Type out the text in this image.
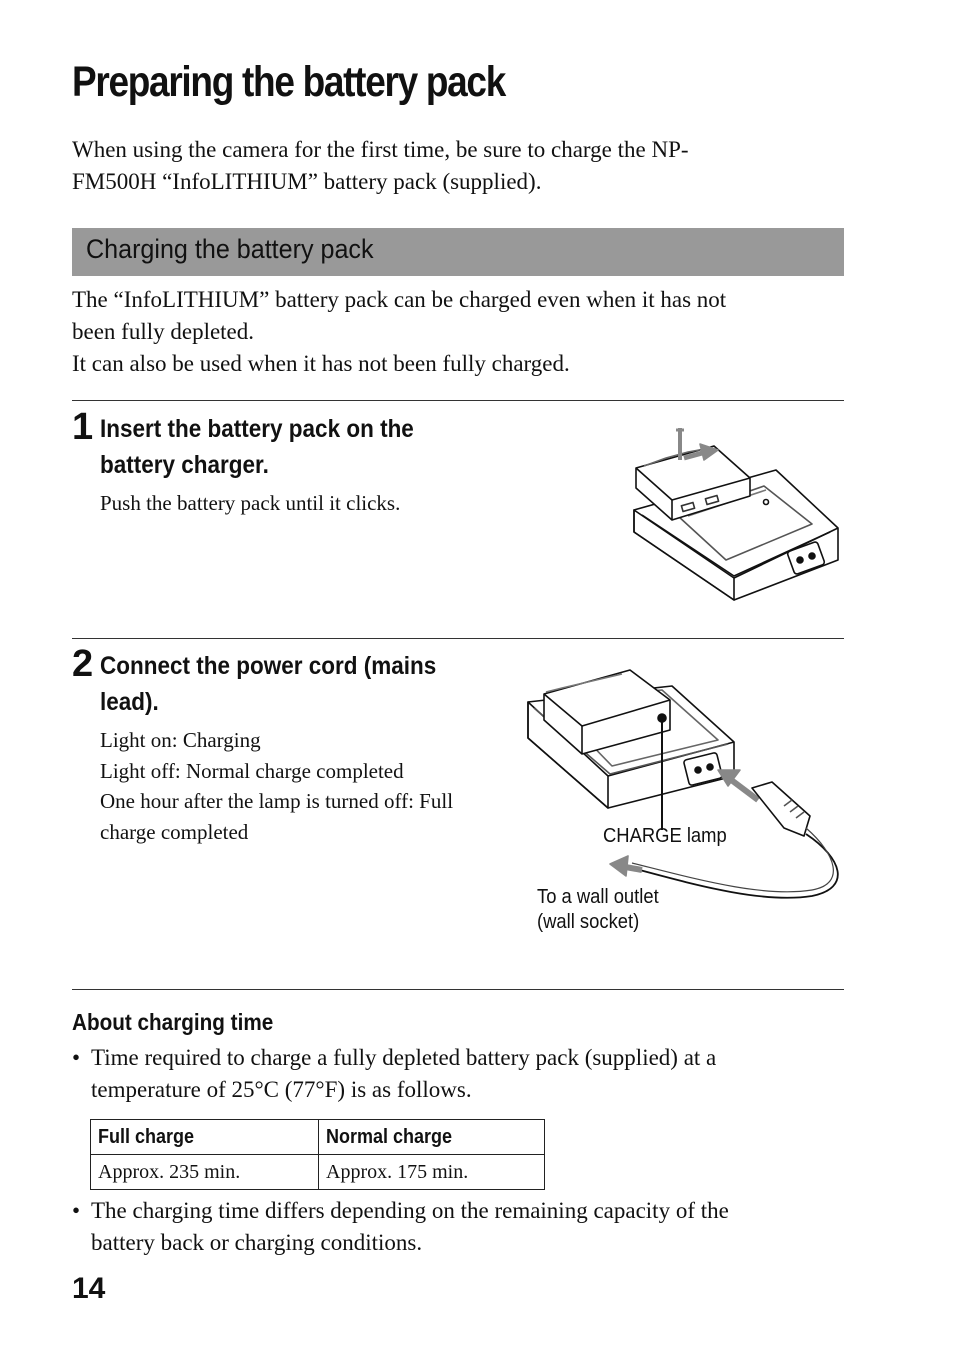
Preparing the battery pack
When using the camera for the first time, be sure to charge the NP-
FM500H “InfoLITHIUM” battery pack (supplied).
Charging the battery pack
The “InfoLITHIUM” battery pack can be charged even when it has not
been fully depleted.
It can also be used when it has not been fully charged.
1 Insert the battery pack on the
battery charger.
Push the battery pack until it clicks.
2 Connect the power cord (mains
lead).
Light on: Charging
Light off: Normal charge completed
One hour after the lamp is turned off: Full
charge completed	CHARGE lamp
To a wall outlet
(wall socket)
About charging time
• Time required to charge a fully depleted battery pack (supplied) at a
temperature of 25°C (77°F) is as follows.
Full charge	Normal charge
Approx. 235 min.	Approx. 175 min.
• The charging time differs depending on the remaining capacity of the
battery back or charging conditions.
14
